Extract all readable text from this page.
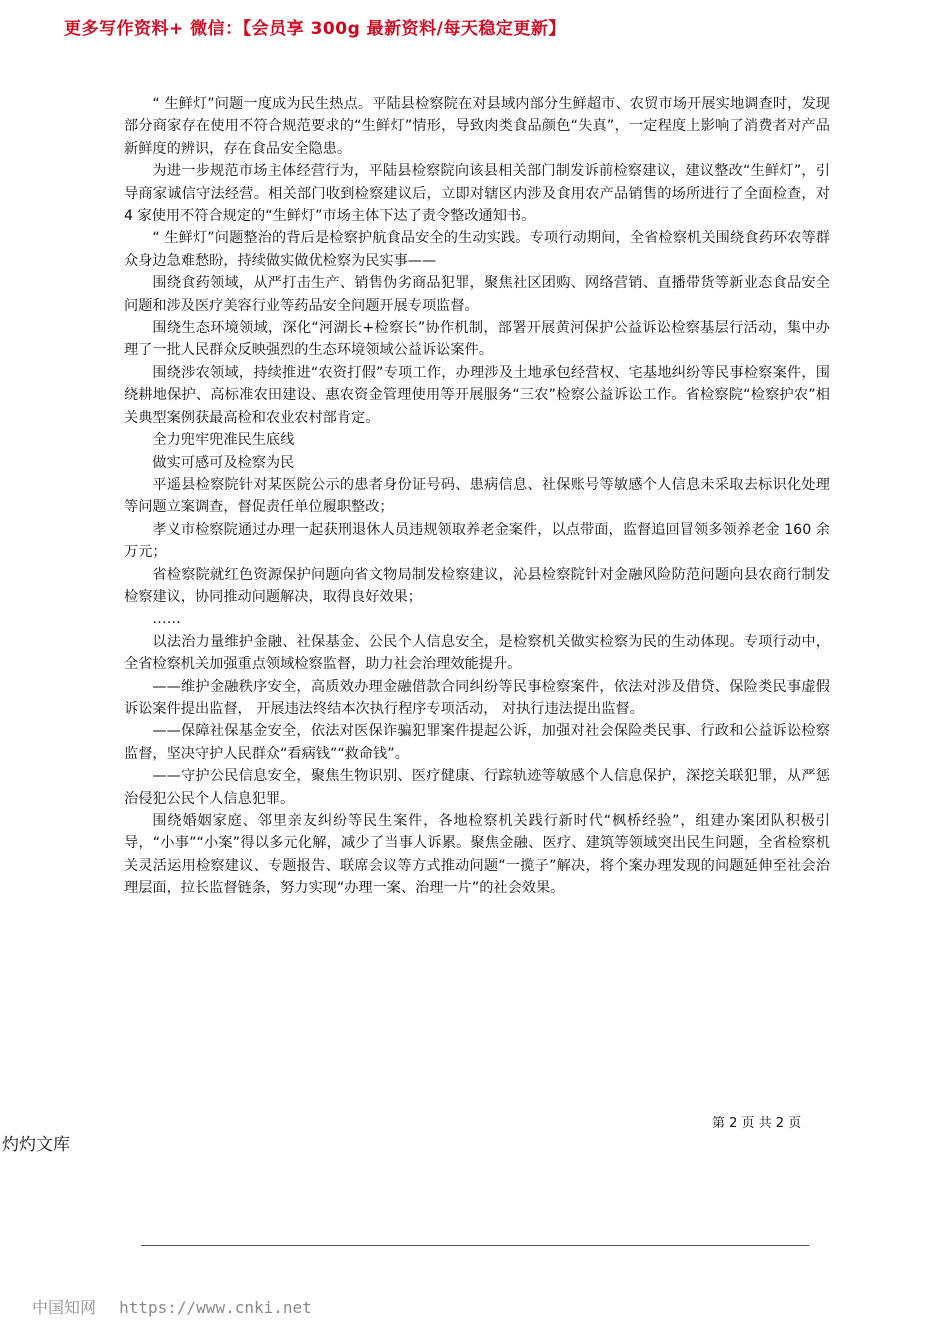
更多写作资料+ 微信：【会员享 300g 最新资料/每天稳定更新】

“ 生鲜灯”问题一度成为民生热点。平陆县检察院在对县域内部分生鲜超市、农贸市场开展实地调查时，发现部分商家存在使用不符合规范要求的“生鲜灯”情形，导致肉类食品颜色“失真”，一定程度上影响了消费者对产品新鲜度的辨识，存在食品安全隐患。

为进一步规范市场主体经营行为，平陆县检察院向该县相关部门制发诉前检察建议，建议整改“生鲜灯”，引导商家诚信守法经营。相关部门收到检察建议后，立即对辖区内涉及食用农产品销售的场所进行了全面检查，对 4 家使用不符合规定的“生鲜灯”市场主体下达了责令整改通知书。

“ 生鲜灯”问题整治的背后是检察护航食品安全的生动实践。专项行动期间，全省检察机关围绕食药环农等群众身边急难愁盼，持续做实做优检察为民实事——

围绕食药领域，从严打击生产、销售伪劣商品犯罪，聚焦社区团购、网络营销、直播带货等新业态食品安全问题和涉及医疗美容行业等药品安全问题开展专项监督。

围绕生态环境领域，深化“河湖长+检察长”协作机制，部署开展黄河保护公益诉讼检察基层行活动，集中办理了一批人民群众反映强烈的生态环境领域公益诉讼案件。

围绕涉农领域，持续推进“农资打假”专项工作，办理涉及土地承包经营权、宅基地纠纷等民事检察案件，围绕耕地保护、高标准农田建设、惠农资金管理使用等开展服务“三农”检察公益诉讼工作。省检察院“检察护农”相关典型案例获最高检和农业农村部肯定。

全力兜牢兜准民生底线

做实可感可及检察为民

平遥县检察院针对某医院公示的患者身份证号码、患病信息、社保账号等敏感个人信息未采取去标识化处理等问题立案调查，督促责任单位履职整改；

孝义市检察院通过办理一起获刑退休人员违规领取养老金案件，以点带面，监督追回冒领多领养老金 160 余万元；

省检察院就红色资源保护问题向省文物局制发检察建议，沁县检察院针对金融风险防范问题向县农商行制发检察建议，协同推动问题解决，取得良好效果；

……

以法治力量维护金融、社保基金、公民个人信息安全，是检察机关做实检察为民的生动体现。专项行动中，全省检察机关加强重点领域检察监督，助力社会治理效能提升。

——维护金融秩序安全，高质效办理金融借款合同纠纷等民事检察案件，依法对涉及借贷、保险类民事虚假诉讼案件提出监督， 开展违法终结本次执行程序专项活动， 对执行违法提出监督。

——保障社保基金安全，依法对医保诈骗犯罪案件提起公诉，加强对社会保险类民事、行政和公益诉讼检察监督，坚决守护人民群众“看病钱”“救命钱”。

——守护公民信息安全，聚焦生物识别、医疗健康、行踪轨迹等敏感个人信息保护，深挖关联犯罪，从严惩治侵犯公民个人信息犯罪。

围绕婚姻家庭、邻里亲友纠纷等民生案件，各地检察机关践行新时代“枫桥经验”，组建办案团队积极引导，“小事”“小案”得以多元化解，减少了当事人诉累。聚焦金融、医疗、建筑等领域突出民生问题，全省检察机关灵活运用检察建议、专题报告、联席会议等方式推动问题“一揽子”解决，将个案办理发现的问题延伸至社会治理层面，拉长监督链条，努力实现“办理一案、治理一片”的社会效果。

第 2 页 共 2 页
灼灼文库
中国知网 https://www.cnki.net
